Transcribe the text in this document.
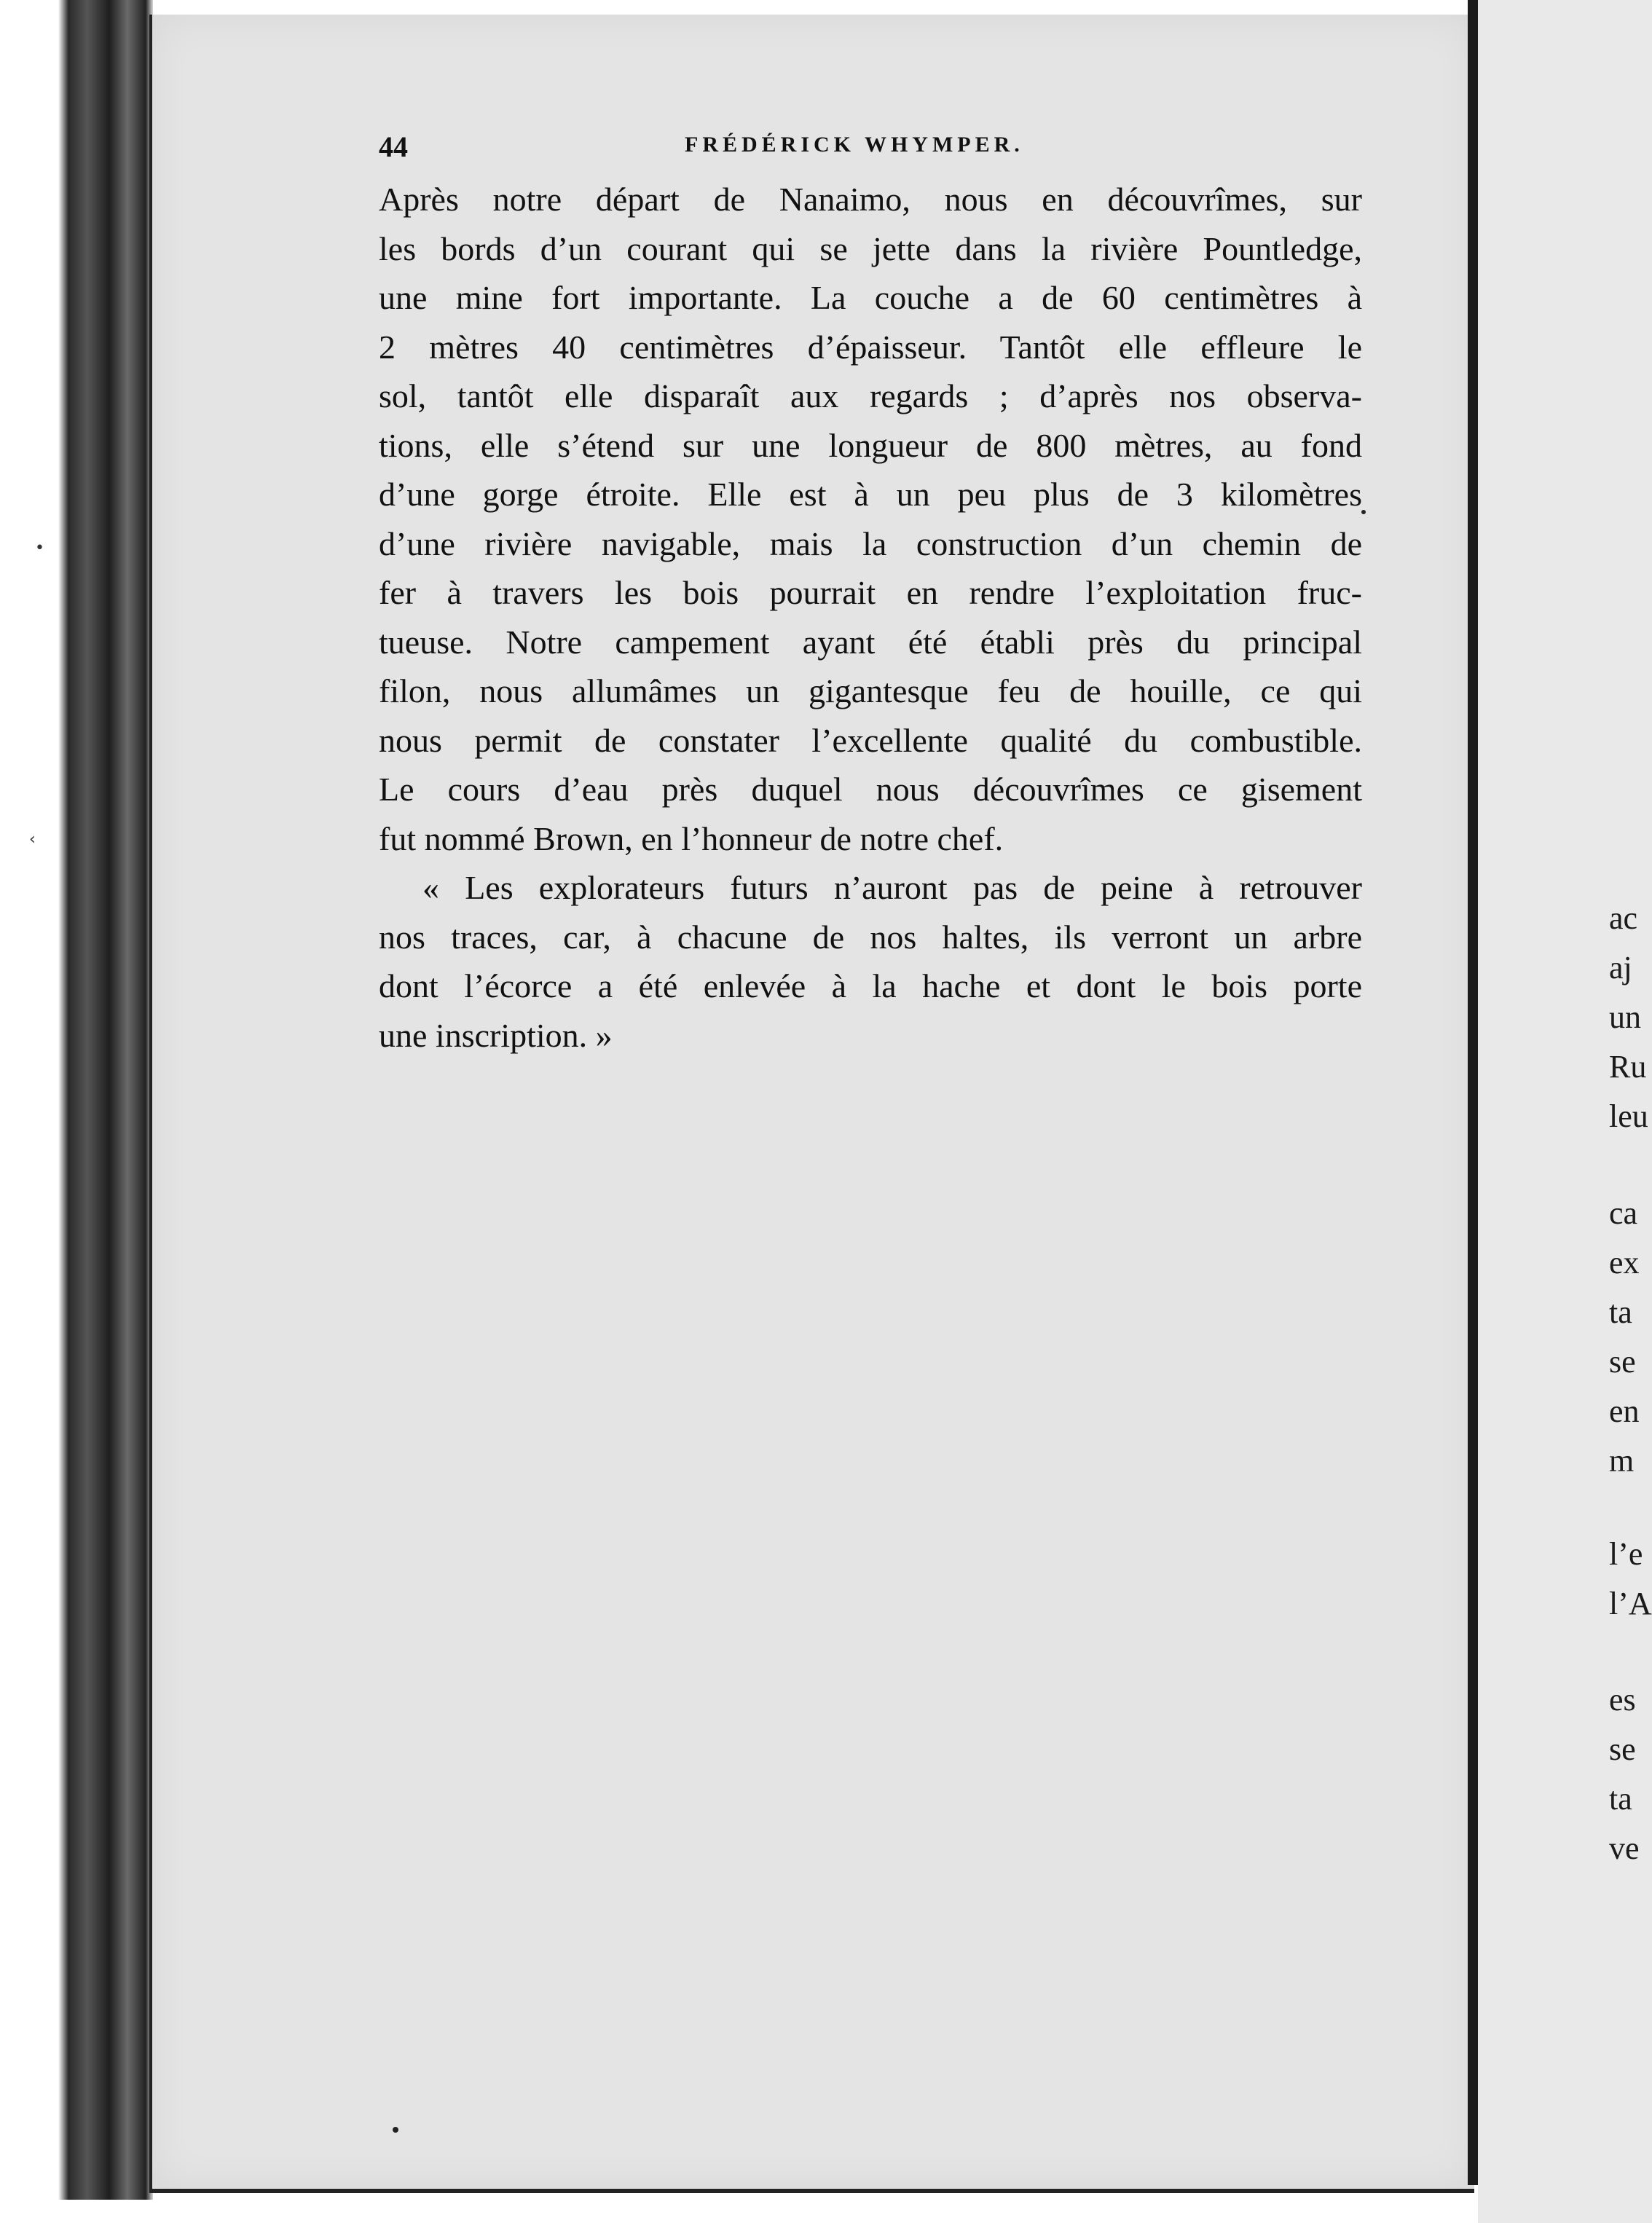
•
‹
44	FRÉDÉRICK WHYMPER.
Après notre départ de Nanaimo, nous en découvrîmes, sur
les bords d’un courant qui se jette dans la rivière Pountledge,
une mine fort importante. La couche a de 60 centimètres à
2 mètres 40 centimètres d’épaisseur. Tantôt elle effleure le
sol, tantôt elle disparaît aux regards ; d’après nos observa-
tions, elle s’étend sur une longueur de 800 mètres, au fond
d’une gorge étroite. Elle est à un peu plus de 3 kilomètres
d’une rivière navigable, mais la construction d’un chemin de
fer à travers les bois pourrait en rendre l’exploitation fruc-
tueuse. Notre campement ayant été établi près du principal
filon, nous allumâmes un gigantesque feu de houille, ce qui
nous permit de constater l’excellente qualité du combustible.
Le cours d’eau près duquel nous découvrîmes ce gisement
fut nommé Brown, en l’honneur de notre chef.
« Les explorateurs futurs n’auront pas de peine à retrouver
nos traces, car, à chacune de nos haltes, ils verront un arbre
dont l’écorce a été enlevée à la hache et dont le bois porte
une inscription. »
ac
aj
un
Ru
leu
ca
ex
ta
se
en
m
l’e
l’A
es
se
ta
ve
